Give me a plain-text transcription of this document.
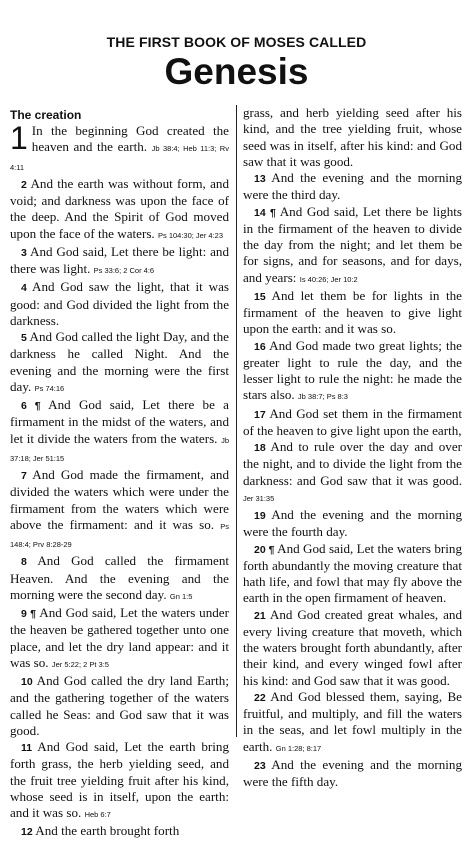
THE FIRST BOOK OF MOSES CALLED
Genesis
The creation

1 In the beginning God created the heaven and the earth. Jb 38:4; Heb 11:3; Rv 4:11

2 And the earth was without form, and void; and darkness was upon the face of the deep. And the Spirit of God moved upon the face of the waters. Ps 104:30; Jer 4:23

3 And God said, Let there be light: and there was light. Ps 33:6; 2 Cor 4:6

4 And God saw the light, that it was good: and God divided the light from the darkness.

5 And God called the light Day, and the darkness he called Night. And the evening and the morning were the first day. Ps 74:16

6 ¶ And God said, Let there be a firmament in the midst of the waters, and let it divide the waters from the waters. Jb 37:18; Jer 51:15

7 And God made the firmament, and divided the waters which were under the firmament from the waters which were above the firmament: and it was so. Ps 148:4; Prv 8:28-29

8 And God called the firmament Heaven. And the evening and the morning were the second day. Gn 1:5

9 ¶ And God said, Let the waters under the heaven be gathered together unto one place, and let the dry land appear: and it was so. Jer 5:22; 2 Pt 3:5

10 And God called the dry land Earth; and the gathering together of the waters called he Seas: and God saw that it was good.

11 And God said, Let the earth bring forth grass, the herb yielding seed, and the fruit tree yielding fruit after his kind, whose seed is in itself, upon the earth: and it was so. Heb 6:7

12 And the earth brought forth

grass, and herb yielding seed after his kind, and the tree yielding fruit, whose seed was in itself, after his kind: and God saw that it was good.

13 And the evening and the morning were the third day.

14 ¶ And God said, Let there be lights in the firmament of the heaven to divide the day from the night; and let them be for signs, and for seasons, and for days, and years: Is 40:26; Jer 10:2

15 And let them be for lights in the firmament of the heaven to give light upon the earth: and it was so.

16 And God made two great lights; the greater light to rule the day, and the lesser light to rule the night: he made the stars also. Jb 38:7; Ps 8:3

17 And God set them in the firmament of the heaven to give light upon the earth,

18 And to rule over the day and over the night, and to divide the light from the darkness: and God saw that it was good. Jer 31:35

19 And the evening and the morning were the fourth day.

20 ¶ And God said, Let the waters bring forth abundantly the moving creature that hath life, and fowl that may fly above the earth in the open firmament of heaven.

21 And God created great whales, and every living creature that moveth, which the waters brought forth abundantly, after their kind, and every winged fowl after his kind: and God saw that it was good.

22 And God blessed them, saying, Be fruitful, and multiply, and fill the waters in the seas, and let fowl multiply in the earth. Gn 1:28; 8:17

23 And the evening and the morning were the fifth day.
